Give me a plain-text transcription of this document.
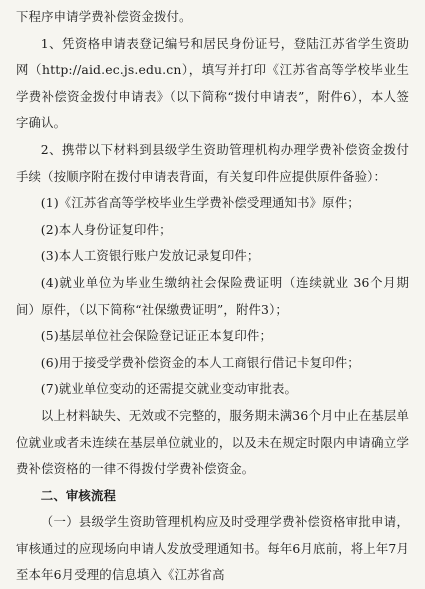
下程序申请学费补偿资金拨付。

1、凭资格申请表登记编号和居民身份证号，登陆江苏省学生资助网（http://aid.ec.js.edu.cn），填写并打印《江苏省高等学校毕业生学费补偿资金拨付申请表》（以下简称“拨付申请表”，附件6），本人签字确认。

2、携带以下材料到县级学生资助管理机构办理学费补偿资金拨付手续（按顺序附在拨付申请表背面，有关复印件应提供原件备验）：

(1)《江苏省高等学校毕业生学费补偿受理通知书》原件；

(2)本人身份证复印件；

(3)本人工资银行账户发放记录复印件；

(4)就业单位为毕业生缴纳社会保险费证明（连续就业 36个月期间）原件，（以下简称“社保缴费证明”，附件3）；

(5)基层单位社会保险登记证正本复印件；

(6)用于接受学费补偿资金的本人工商银行借记卡复印件；

(7)就业单位变动的还需提交就业变动审批表。

以上材料缺失、无效或不完整的，服务期未满36个月中止在基层单位就业或者未连续在基层单位就业的，以及未在规定时限内申请确立学费补偿资格的一律不得拨付学费补偿资金。

二、审核流程

（一）县级学生资助管理机构应及时受理学费补偿资格审批申请，审核通过的应现场向申请人发放受理通知书。每年6月底前，将上年7月至本年6月受理的信息填入《江苏省高
